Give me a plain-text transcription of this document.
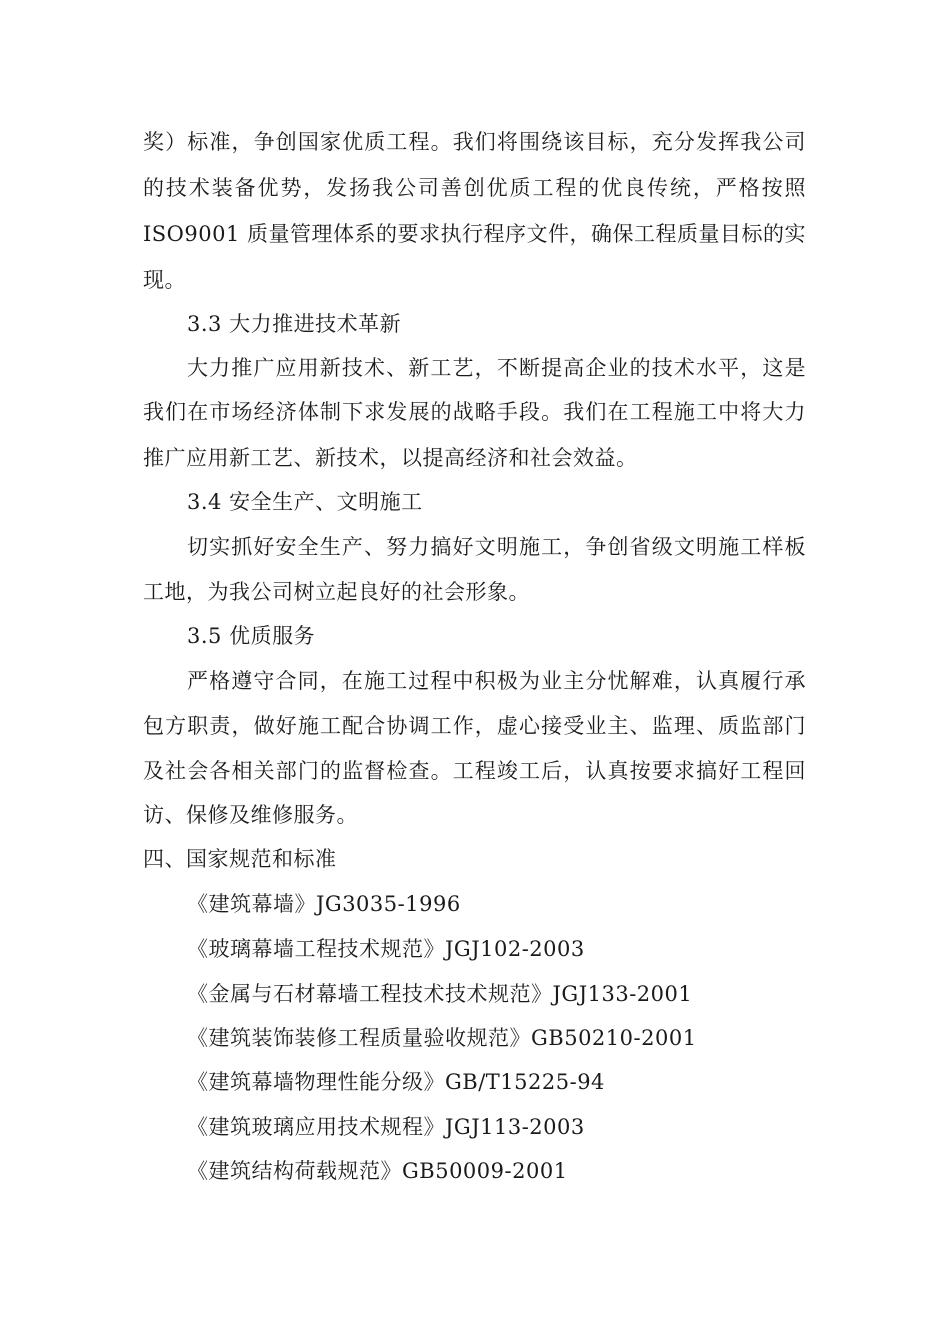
奖）标准，争创国家优质工程。我们将围绕该目标，充分发挥我公司
的技术装备优势，发扬我公司善创优质工程的优良传统，严格按照
ISO9001 质量管理体系的要求执行程序文件，确保工程质量目标的实
现。
3.3 大力推进技术革新
大力推广应用新技术、新工艺，不断提高企业的技术水平，这是
我们在市场经济体制下求发展的战略手段。我们在工程施工中将大力
推广应用新工艺、新技术，以提高经济和社会效益。
3.4 安全生产、文明施工
切实抓好安全生产、努力搞好文明施工，争创省级文明施工样板
工地，为我公司树立起良好的社会形象。
3.5 优质服务
严格遵守合同，在施工过程中积极为业主分忧解难，认真履行承
包方职责，做好施工配合协调工作，虚心接受业主、监理、质监部门
及社会各相关部门的监督检查。工程竣工后，认真按要求搞好工程回
访、保修及维修服务。
四、国家规范和标准
《建筑幕墙》JG3035-1996
《玻璃幕墙工程技术规范》JGJ102-2003
《金属与石材幕墙工程技术技术规范》JGJ133-2001
《建筑装饰装修工程质量验收规范》GB50210-2001
《建筑幕墙物理性能分级》GB/T15225-94
《建筑玻璃应用技术规程》JGJ113-2003
《建筑结构荷载规范》GB50009-2001
